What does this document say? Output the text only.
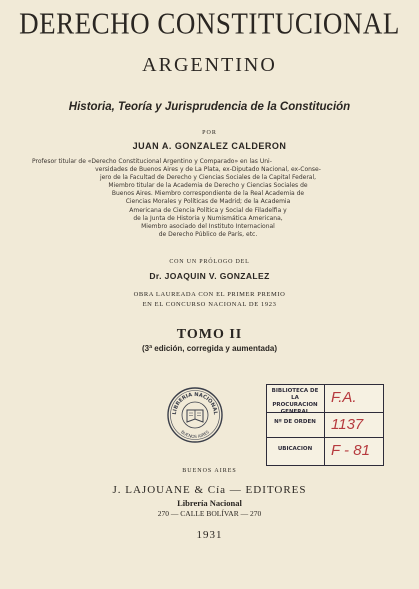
DERECHO CONSTITUCIONAL
ARGENTINO
Historia, Teoría y Jurisprudencia de la Constitución
POR
JUAN A. GONZALEZ CALDERON
Profesor titular de «Derecho Constitucional Argentino y Comparado» en las Uni-
versidades de Buenos Aires y de La Plata, ex-Diputado Nacional, ex-Conse-
jero de la Facultad de Derecho y Ciencias Sociales de la Capital Federal,
Miembro titular de la Academia de Derecho y Ciencias Sociales de
Buenos Aires. Miembro correspondiente de la Real Academia de
Ciencias Morales y Políticas de Madrid; de la Academia
Americana de Ciencia Política y Social de Filadelfia y
de la Junta de Historia y Numismática Americana,
Miembro asociado del Instituto Internacional
de Derecho Público de París, etc.
CON UN PRÓLOGO DEL
Dr. JOAQUIN V. GONZALEZ
OBRA LAUREADA CON EL PRIMER PREMIO
EN EL CONCURSO NACIONAL DE 1923
TOMO II
(3ª edición, corregida y aumentada)
LIBRERIA NACIONAL
BUENOS AIRES
BIBLIOTECA DE LA
PROCURACION
GENERAL
F.A.
Nº DE ORDEN	1137
UBICACION	F - 81
BUENOS AIRES
J. LAJOUANE & Cía — EDITORES
Librería Nacional
270 — CALLE BOLÍVAR — 270
1931
